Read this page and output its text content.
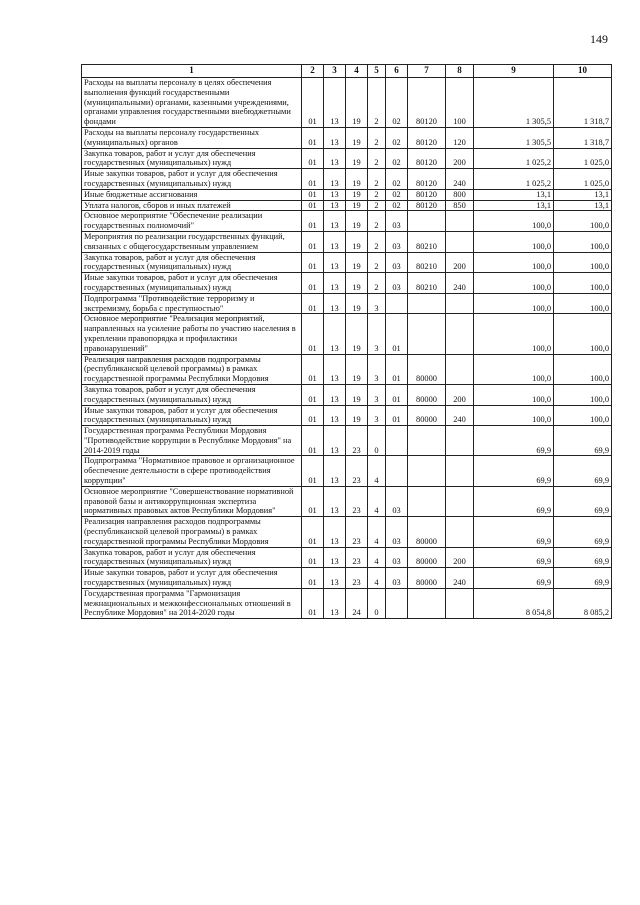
149
1	2	3	4	5	6	7	8	9	10
Расходы на выплаты персоналу в целях обеспечения выполнения функций государственными (муниципальными) органами, казенными учреждениями, органами управления государственными внебюджетными фондами	01	13	19	2	02	80120	100	1 305,5	1 318,7
Расходы на выплаты персоналу государственных (муниципальных) органов	01	13	19	2	02	80120	120	1 305,5	1 318,7
Закупка товаров, работ и услуг для обеспечения государственных (муниципальных) нужд	01	13	19	2	02	80120	200	1 025,2	1 025,0
Иные закупки товаров, работ и услуг для обеспечения государственных (муниципальных) нужд	01	13	19	2	02	80120	240	1 025,2	1 025,0
Иные бюджетные ассигнования	01	13	19	2	02	80120	800	13,1	13,1
Уплата налогов, сборов и иных платежей	01	13	19	2	02	80120	850	13,1	13,1
Основное мероприятие "Обеспечение реализации государственных полномочий"	01	13	19	2	03			100,0	100,0
Мероприятия по реализации государственных функций, связанных с общегосударственным управлением	01	13	19	2	03	80210		100,0	100,0
Закупка товаров, работ и услуг для обеспечения государственных (муниципальных) нужд	01	13	19	2	03	80210	200	100,0	100,0
Иные закупки товаров, работ и услуг для обеспечения государственных (муниципальных) нужд	01	13	19	2	03	80210	240	100,0	100,0
Подпрограмма "Противодействие терроризму и экстремизму, борьба с преступностью"	01	13	19	3				100,0	100,0
Основное мероприятие "Реализация мероприятий, направленных на усиление работы по участию населения в укреплении правопорядка и профилактики правонарушений"	01	13	19	3	01			100,0	100,0
Реализация направления расходов подпрограммы (республиканской целевой программы) в рамках государственной программы Республики Мордовия	01	13	19	3	01	80000		100,0	100,0
Закупка товаров, работ и услуг для обеспечения государственных (муниципальных) нужд	01	13	19	3	01	80000	200	100,0	100,0
Иные закупки товаров, работ и услуг для обеспечения государственных (муниципальных) нужд	01	13	19	3	01	80000	240	100,0	100,0
Государственная программа Республики Мордовия "Противодействие коррупции в Республике Мордовия" на 2014-2019 годы	01	13	23	0				69,9	69,9
Подпрограмма "Нормативное правовое и организационное обеспечение деятельности в сфере противодействия коррупции"	01	13	23	4				69,9	69,9
Основное мероприятие "Совершенствование нормативной правовой базы и антикоррупционная экспертиза нормативных правовых актов Республики Мордовия"	01	13	23	4	03			69,9	69,9
Реализация направления расходов подпрограммы (республиканской целевой программы) в рамках государственной программы Республики Мордовия	01	13	23	4	03	80000		69,9	69,9
Закупка товаров, работ и услуг для обеспечения государственных (муниципальных) нужд	01	13	23	4	03	80000	200	69,9	69,9
Иные закупки товаров, работ и услуг для обеспечения государственных (муниципальных) нужд	01	13	23	4	03	80000	240	69,9	69,9
Государственная программа "Гармонизация межнациональных и межконфессиональных отношений в Республике Мордовия" на 2014-2020 годы	01	13	24	0				8 054,8	8 085,2
